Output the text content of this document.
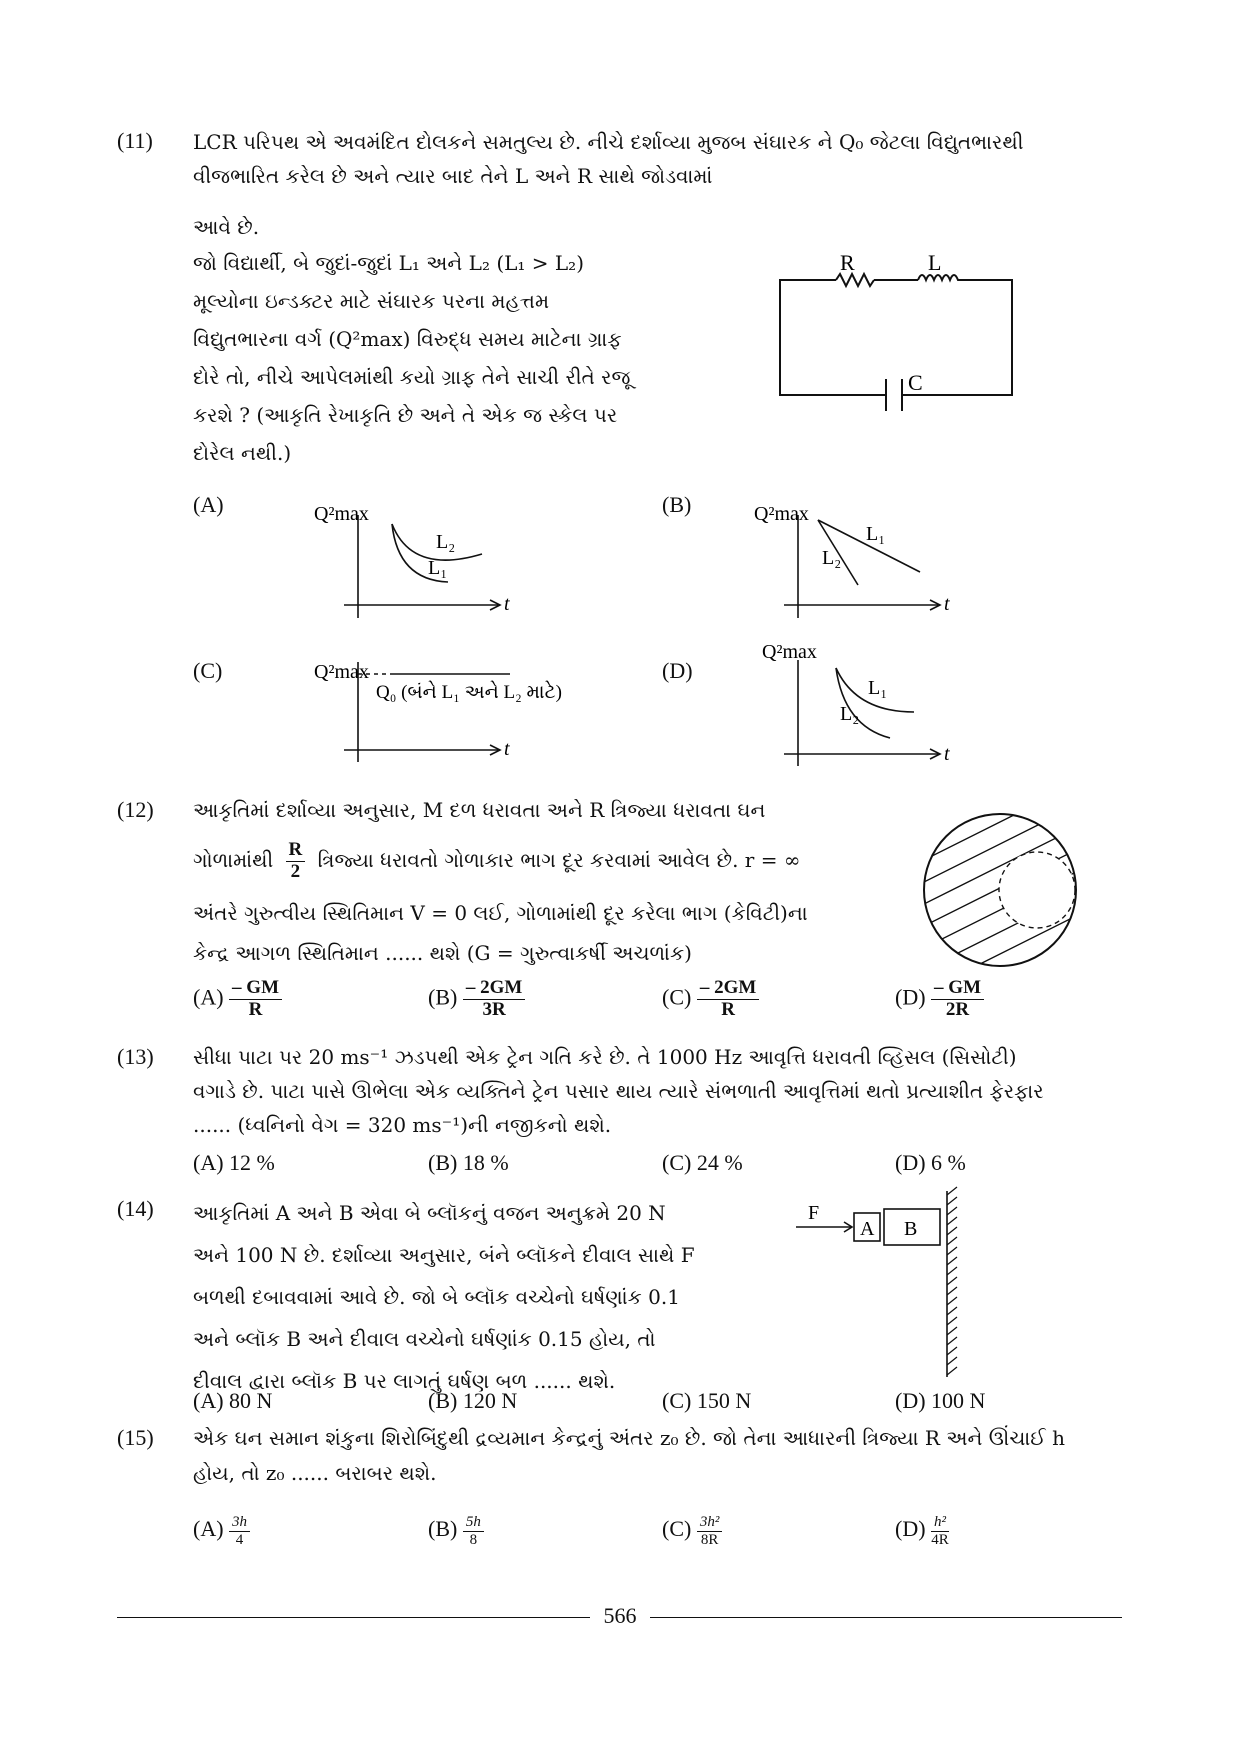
(11) LCR પરિપથ એ અવમંદિત દોલકને સમતુલ્ય છે. નીચે દર્શાવ્યા મુજબ સંઘારક ને Q₀ જેટલા વિદ્યુતભારથી
વીજભારિત કરેલ છે અને ત્યાર બાદ તેને L અને R સાથે જોડવામાં
આવે છે.
જો વિદ્યાર્થી, બે જુદાં-જુદાં L₁ અને L₂ (L₁ > L₂)
મૂલ્યોના ઇન્ડક્ટર માટે સંઘારક પરના મહત્તમ
વિદ્યુતભારના વર્ગ (Q²max) વિરુદ્ધ સમય માટેના ગ્રાફ
દોરે તો, નીચે આપેલમાંથી કયો ગ્રાફ તેને સાચી રીતે રજૂ
કરશે ? (આકૃતિ રેખાકૃતિ છે અને તે એક જ સ્કેલ પર
દોરેલ નથી.)
R	L
C
(A)	Q²max
L₂
L₁
t
(B)	Q²max
L₁
L₂
t
(C)	Q²max
Q₀ (બંને L₁ અને L₂ માટે)
t
(D)
Q²max
L₁
L₂
t
(12) આકૃતિમાં દર્શાવ્યા અનુસાર, M દળ ધરાવતા અને R ત્રિજ્યા ધરાવતા ઘન
ગોળામાંથી $\frac{R}{2}$ ત્રિજ્યા ધરાવતો ગોળાકાર ભાગ દૂર કરવામાં આવેલ છે. r = ∞
અંતરે ગુરુત્વીય સ્થિતિમાન V = 0 લઈ, ગોળામાંથી દૂર કરેલા ભાગ (કેવિટી)ના
કેન્દ્ર આગળ સ્થિતિમાન ...... થશે (G = ગુરુત્વાકર્ષી અચળાંક)
$(A) \frac{- GM}{R}$	$(B) \frac{- 2GM}{3R}$	$(C) \frac{- 2GM}{R}$	$(D) \frac{- GM}{2R}$
(13) સીધા પાટા પર 20 ms⁻¹ ઝડપથી એક ટ્રેન ગતિ કરે છે. તે 1000 Hz આવૃત્તિ ધરાવતી વ્હિસલ (સિસોટી)
વગાડે છે. પાટા પાસે ઊભેલા એક વ્યક્તિને ટ્રેન પસાર થાય ત્યારે સંભળાતી આવૃત્તિમાં થતો પ્રત્યાશીત ફેરફાર
...... (ધ્વનિનો વેગ = 320 ms⁻¹)ની નજીકનો થશે.
(A) 12 %	(B) 18 %	(C) 24 %	(D) 6 %
(14) આકૃતિમાં A અને B એવા બે બ્લૉકનું વજન અનુક્રમે 20 N
અને 100 N છે. દર્શાવ્યા અનુસાર, બંને બ્લૉકને દીવાલ સાથે F
બળથી દબાવવામાં આવે છે. જો બે બ્લૉક વચ્ચેનો ઘર્ષણાંક 0.1
અને બ્લૉક B અને દીવાલ વચ્ચેનો ઘર્ષણાંક 0.15 હોય, તો
દીવાલ દ્વારા બ્લૉક B પર લાગતું ઘર્ષણ બળ ...... થશે.
F
A B
(A) 80 N	(B) 120 N	(C) 150 N	(D) 100 N
(15) એક ઘન સમાન શંકુના શિરોબિંદુથી દ્રવ્યમાન કેન્દ્રનું અંતર z₀ છે. જો તેના આધારની ત્રિજ્યા R અને ઊંચાઈ h
હોય, તો z₀ ...... બરાબર થશે.
$(A) \frac{3h}{4}$	$(B) \frac{5h}{8}$	$(C) \frac{\text{3h²}}{8R}$	$(D) \frac{\text{h²}}{4R}$
566
